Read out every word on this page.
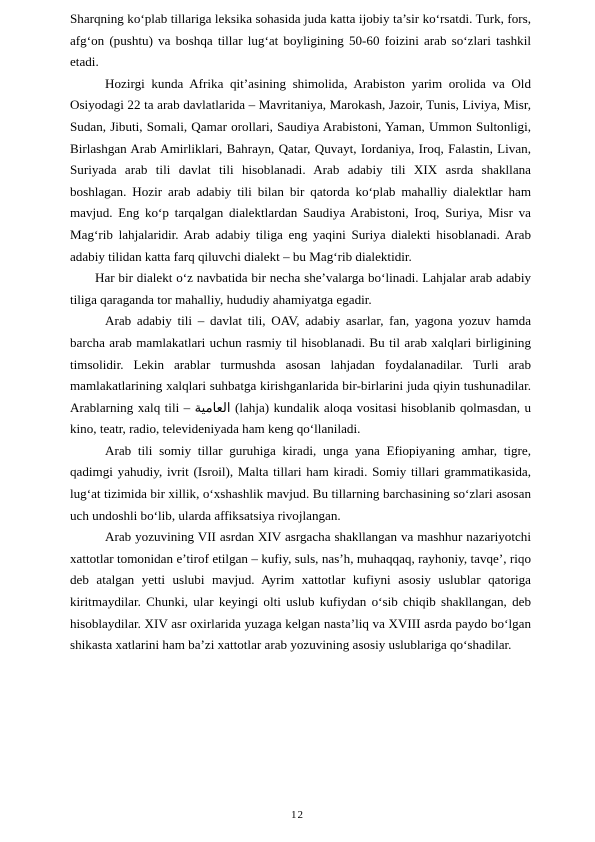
Sharqning ko‘plab tillariga leksika sohasida juda katta ijobiy ta’sir ko‘rsatdi. Turk, fors, afg‘on (pushtu) va boshqa tillar lug‘at boyligining 50-60 foizini arab so‘zlari tashkil etadi.

Hozirgi kunda Afrika qit’asining shimolida, Arabiston yarim orolida va Old Osiyodagi 22 ta arab davlatlarida – Mavritaniya, Marokash, Jazoir, Tunis, Liviya, Misr, Sudan, Jibuti, Somali, Qamar orollari, Saudiya Arabistoni, Yaman, Ummon Sultonligi, Birlashgan Arab Amirliklari, Bahrayn, Qatar, Quvayt, Iordaniya, Iroq, Falastin, Livan, Suriyada arab tili davlat tili hisoblanadi. Arab adabiy tili XIX asrda shakllana boshlagan. Hozir arab adabiy tili bilan bir qatorda ko‘plab mahalliy dialektlar ham mavjud. Eng ko‘p tarqalgan dialektlardan Saudiya Arabistoni, Iroq, Suriya, Misr va Mag‘rib lahjalaridir. Arab adabiy tiliga eng yaqini Suriya dialekti hisoblanadi. Arab adabiy tilidan katta farq qiluvchi dialekt – bu Mag‘rib dialektidir.

Har bir dialekt o‘z navbatida bir necha she’valarga bo‘linadi. Lahjalar arab adabiy tiliga qaraganda tor mahalliy, hududiy ahamiyatga egadir.

Arab adabiy tili – davlat tili, OAV, adabiy asarlar, fan, yagona yozuv hamda barcha arab mamlakatlari uchun rasmiy til hisoblanadi. Bu til arab xalqlari birligining timsolidir. Lekin arablar turmushda asosan lahjadan foydalanadilar. Turli arab mamlakatlarining xalqlari suhbatga kirishganlarida bir-birlarini juda qiyin tushunadilar. Arablarning xalq tili – العامية (lahja) kundalik aloqa vositasi hisoblanib qolmasdan, u kino, teatr, radio, televideniyada ham keng qo‘llaniladi.

Arab tili somiy tillar guruhiga kiradi, unga yana Efiopiyaning amhar, tigre, qadimgi yahudiy, ivrit (Isroil), Malta tillari ham kiradi. Somiy tillari grammatikasida, lug‘at tizimida bir xillik, o‘xshashlik mavjud. Bu tillarning barchasining so‘zlari asosan uch undoshli bo‘lib, ularda affiksatsiya rivojlangan.

Arab yozuvining VII asrdan XIV asrgacha shakllangan va mashhur nazariyotchi xattotlar tomonidan e’tirof etilgan – kufiy, suls, nas’h, muhaqqaq, rayhoniy, tavqe’, riqo deb atalgan yetti uslubi mavjud. Ayrim xattotlar kufiyni asosiy uslublar qatoriga kiritmaydilar. Chunki, ular keyingi olti uslub kufiydan o‘sib chiqib shakllangan, deb hisoblaydilar. XIV asr oxirlarida yuzaga kelgan nasta’liq va XVIII asrda paydo bo‘lgan shikasta xatlarini ham ba’zi xattotlar arab yozuvining asosiy uslublariga qo‘shadilar.

12
